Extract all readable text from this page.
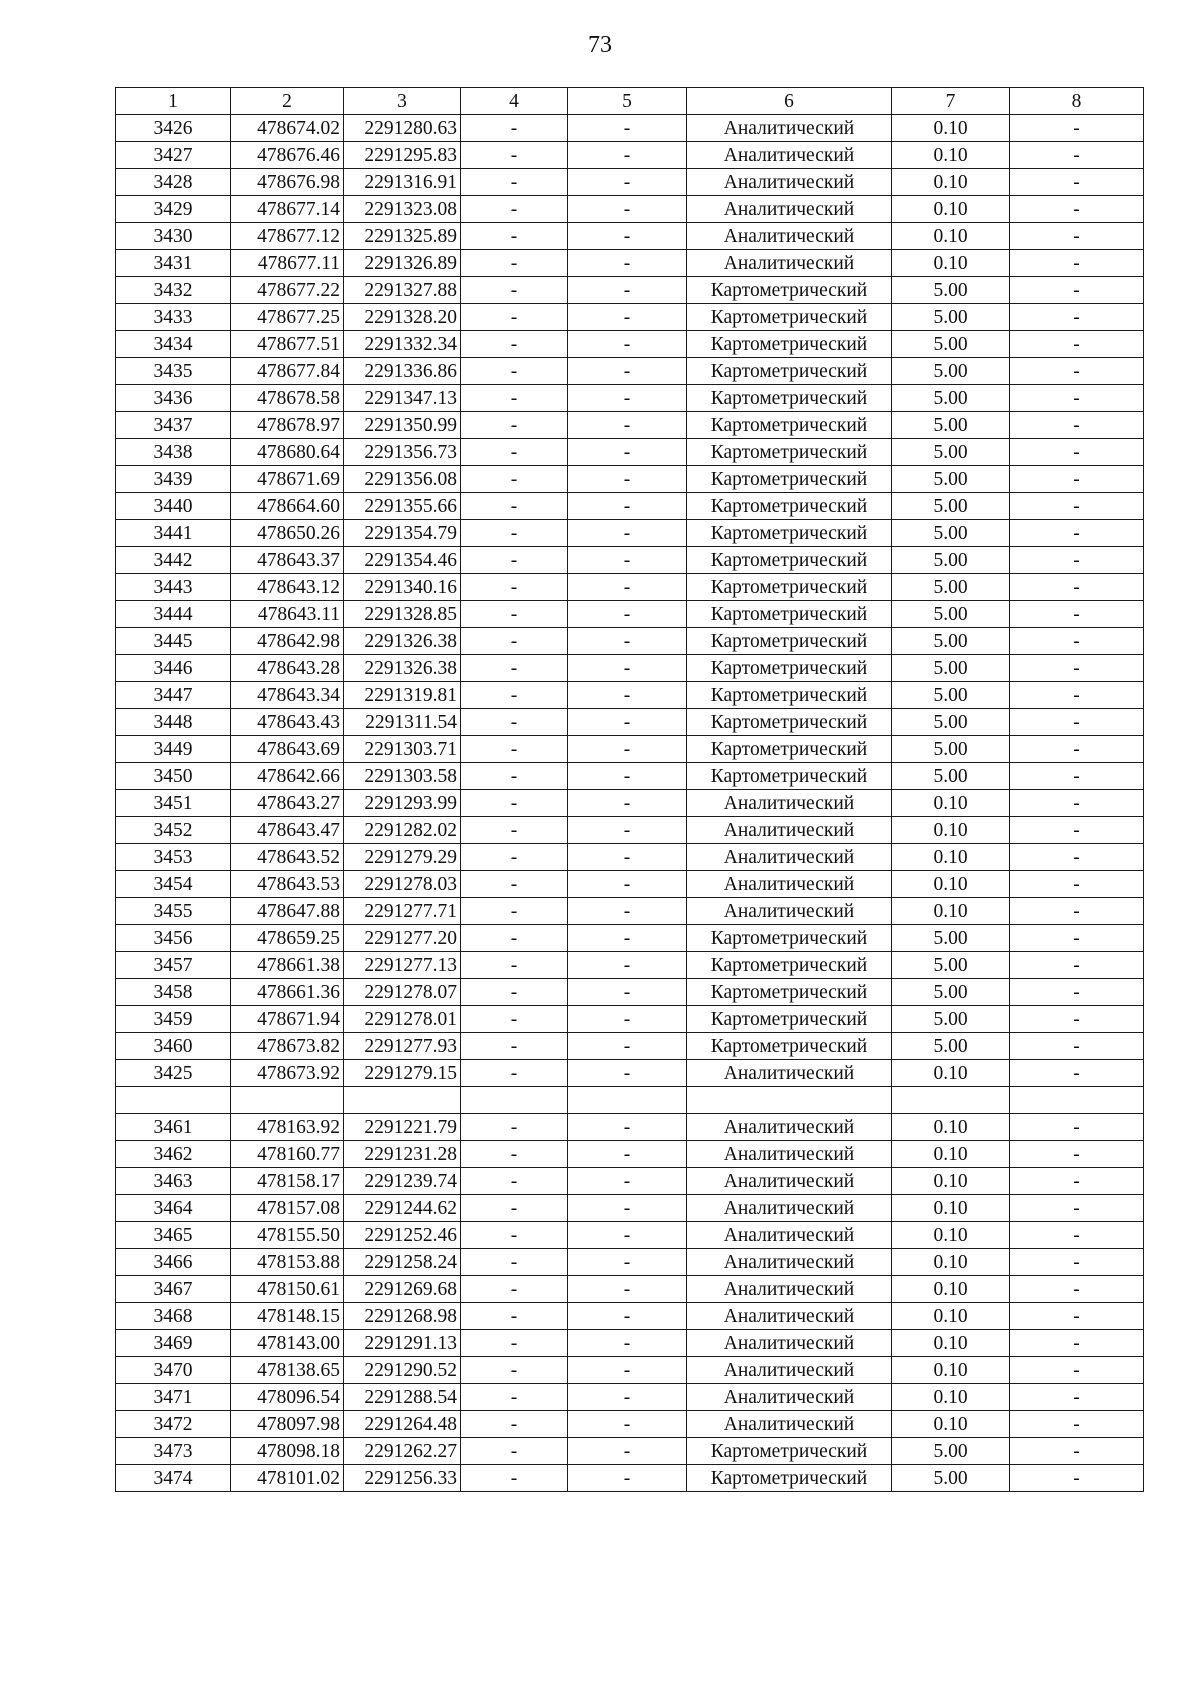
73
1	2	3	4	5	6	7	8
3426	478674.02	2291280.63	-	-	Аналитический	0.10	-
3427	478676.46	2291295.83	-	-	Аналитический	0.10	-
3428	478676.98	2291316.91	-	-	Аналитический	0.10	-
3429	478677.14	2291323.08	-	-	Аналитический	0.10	-
3430	478677.12	2291325.89	-	-	Аналитический	0.10	-
3431	478677.11	2291326.89	-	-	Аналитический	0.10	-
3432	478677.22	2291327.88	-	-	Картометрический	5.00	-
3433	478677.25	2291328.20	-	-	Картометрический	5.00	-
3434	478677.51	2291332.34	-	-	Картометрический	5.00	-
3435	478677.84	2291336.86	-	-	Картометрический	5.00	-
3436	478678.58	2291347.13	-	-	Картометрический	5.00	-
3437	478678.97	2291350.99	-	-	Картометрический	5.00	-
3438	478680.64	2291356.73	-	-	Картометрический	5.00	-
3439	478671.69	2291356.08	-	-	Картометрический	5.00	-
3440	478664.60	2291355.66	-	-	Картометрический	5.00	-
3441	478650.26	2291354.79	-	-	Картометрический	5.00	-
3442	478643.37	2291354.46	-	-	Картометрический	5.00	-
3443	478643.12	2291340.16	-	-	Картометрический	5.00	-
3444	478643.11	2291328.85	-	-	Картометрический	5.00	-
3445	478642.98	2291326.38	-	-	Картометрический	5.00	-
3446	478643.28	2291326.38	-	-	Картометрический	5.00	-
3447	478643.34	2291319.81	-	-	Картометрический	5.00	-
3448	478643.43	2291311.54	-	-	Картометрический	5.00	-
3449	478643.69	2291303.71	-	-	Картометрический	5.00	-
3450	478642.66	2291303.58	-	-	Картометрический	5.00	-
3451	478643.27	2291293.99	-	-	Аналитический	0.10	-
3452	478643.47	2291282.02	-	-	Аналитический	0.10	-
3453	478643.52	2291279.29	-	-	Аналитический	0.10	-
3454	478643.53	2291278.03	-	-	Аналитический	0.10	-
3455	478647.88	2291277.71	-	-	Аналитический	0.10	-
3456	478659.25	2291277.20	-	-	Картометрический	5.00	-
3457	478661.38	2291277.13	-	-	Картометрический	5.00	-
3458	478661.36	2291278.07	-	-	Картометрический	5.00	-
3459	478671.94	2291278.01	-	-	Картометрический	5.00	-
3460	478673.82	2291277.93	-	-	Картометрический	5.00	-
3425	478673.92	2291279.15	-	-	Аналитический	0.10	-

3461	478163.92	2291221.79	-	-	Аналитический	0.10	-
3462	478160.77	2291231.28	-	-	Аналитический	0.10	-
3463	478158.17	2291239.74	-	-	Аналитический	0.10	-
3464	478157.08	2291244.62	-	-	Аналитический	0.10	-
3465	478155.50	2291252.46	-	-	Аналитический	0.10	-
3466	478153.88	2291258.24	-	-	Аналитический	0.10	-
3467	478150.61	2291269.68	-	-	Аналитический	0.10	-
3468	478148.15	2291268.98	-	-	Аналитический	0.10	-
3469	478143.00	2291291.13	-	-	Аналитический	0.10	-
3470	478138.65	2291290.52	-	-	Аналитический	0.10	-
3471	478096.54	2291288.54	-	-	Аналитический	0.10	-
3472	478097.98	2291264.48	-	-	Аналитический	0.10	-
3473	478098.18	2291262.27	-	-	Картометрический	5.00	-
3474	478101.02	2291256.33	-	-	Картометрический	5.00	-
